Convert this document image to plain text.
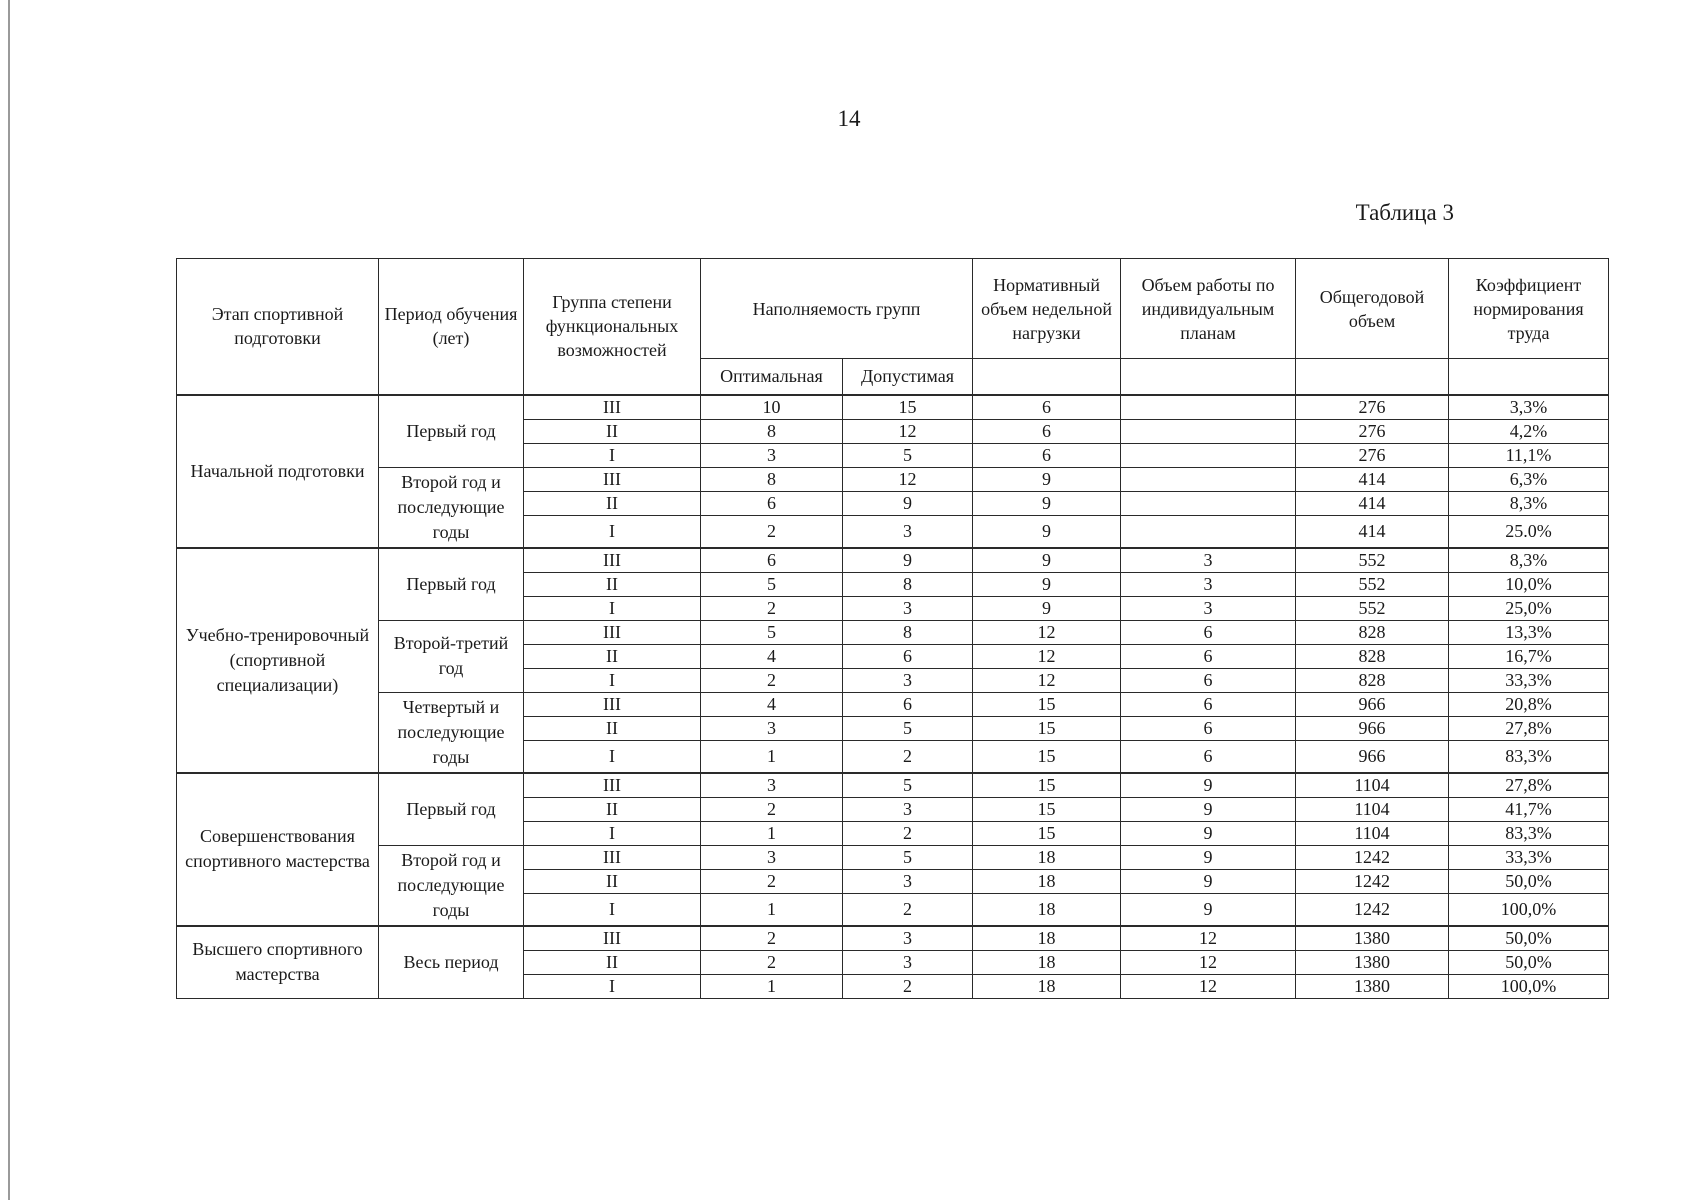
14
Таблица 3
Этап спортивной подготовки	Период обучения (лет)	Группа степени функциональных возможностей	Наполняемость групп		Нормативный объем недельной нагрузки	Объем работы по индивидуальным планам	Общегодовой объем	Коэффициент нормирования труда
			Оптимальная	Допустимая				
Начальной подготовки	Первый год	III	10	15	6		276	3,3%
		II	8	12	6		276	4,2%
		I	3	5	6		276	11,1%
	Второй год и последующие годы	III	8	12	9		414	6,3%
		II	6	9	9		414	8,3%
		I	2	3	9		414	25.0%
Учебно-тренировочный (спортивной специализации)	Первый год	III	6	9	9	3	552	8,3%
		II	5	8	9	3	552	10,0%
		I	2	3	9	3	552	25,0%
	Второй-третий год	III	5	8	12	6	828	13,3%
		II	4	6	12	6	828	16,7%
		I	2	3	12	6	828	33,3%
	Четвертый и последующие годы	III	4	6	15	6	966	20,8%
		II	3	5	15	6	966	27,8%
		I	1	2	15	6	966	83,3%
Совершенствования спортивного мастерства	Первый год	III	3	5	15	9	1104	27,8%
		II	2	3	15	9	1104	41,7%
		I	1	2	15	9	1104	83,3%
	Второй год и последующие годы	III	3	5	18	9	1242	33,3%
		II	2	3	18	9	1242	50,0%
		I	1	2	18	9	1242	100,0%
Высшего спортивного мастерства	Весь период	III	2	3	18	12	1380	50,0%
		II	2	3	18	12	1380	50,0%
		I	1	2	18	12	1380	100,0%
